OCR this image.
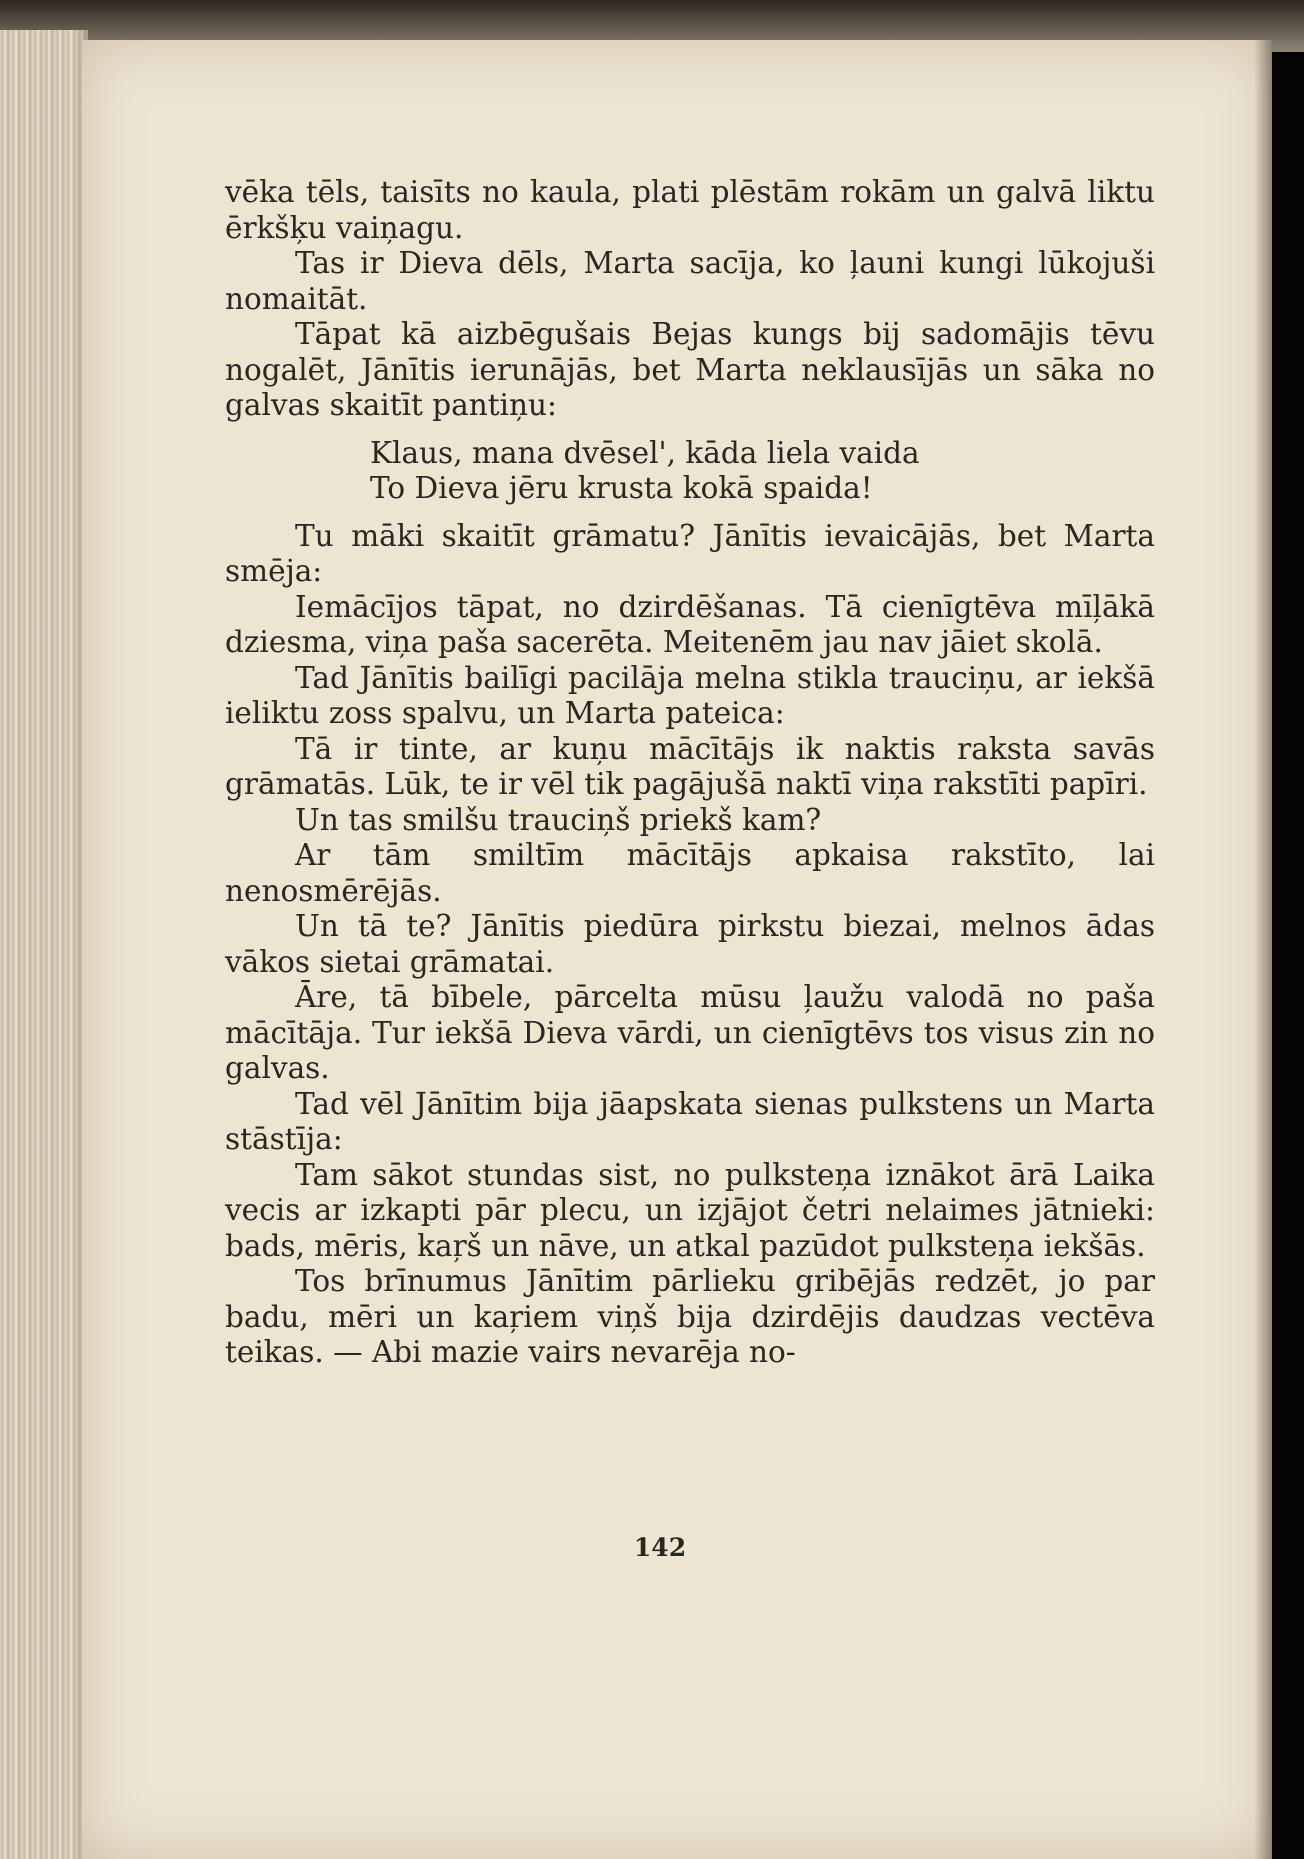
vēka tēls, taisīts no kaula, plati plēstām rokām un galvā liktu ērkšķu vaiņagu.

Tas ir Dieva dēls, Marta sacīja, ko ļauni kungi lūkojuši nomaitāt.

Tāpat kā aizbēgušais Bejas kungs bij sadomājis tēvu nogalēt, Jānītis ierunājās, bet Marta neklausījās un sāka no galvas skaitīt pantiņu:

Klaus, mana dvēsel', kāda liela vaida
To Dieva jēru krusta kokā spaida!

Tu māki skaitīt grāmatu? Jānītis ievaicājās, bet Marta smēja:

Iemācījos tāpat, no dzirdēšanas. Tā cienīgtēva mīļākā dziesma, viņa paša sacerēta. Meitenēm jau nav jāiet skolā.

Tad Jānītis bailīgi pacilāja melna stikla trauciņu, ar iekšā ieliktu zoss spalvu, un Marta pateica:

Tā ir tinte, ar kuņu mācītājs ik naktis raksta savās grāmatās. Lūk, te ir vēl tik pagājušā naktī viņa rakstīti papīri.

Un tas smilšu trauciņš priekš kam?

Ar tām smiltīm mācītājs apkaisa rakstīto, lai nenosmērējās.

Un tā te? Jānītis piedūra pirkstu biezai, melnos ādas vākos sietai grāmatai.

Āre, tā bībele, pārcelta mūsu ļaužu valodā no paša mācītāja. Tur iekšā Dieva vārdi, un cienīgtēvs tos visus zin no galvas.

Tad vēl Jānītim bija jāapskata sienas pulkstens un Marta stāstīja:

Tam sākot stundas sist, no pulksteņa iznākot ārā Laika vecis ar izkapti pār plecu, un izjājot četri nelaimes jātnieki: bads, mēris, kaŗš un nāve, un atkal pazūdot pulksteņa iekšās.

Tos brīnumus Jānītim pārlieku gribējās redzēt, jo par badu, mēri un kaŗiem viņš bija dzirdējis daudzas vectēva teikas. — Abi mazie vairs nevarēja no-

142
